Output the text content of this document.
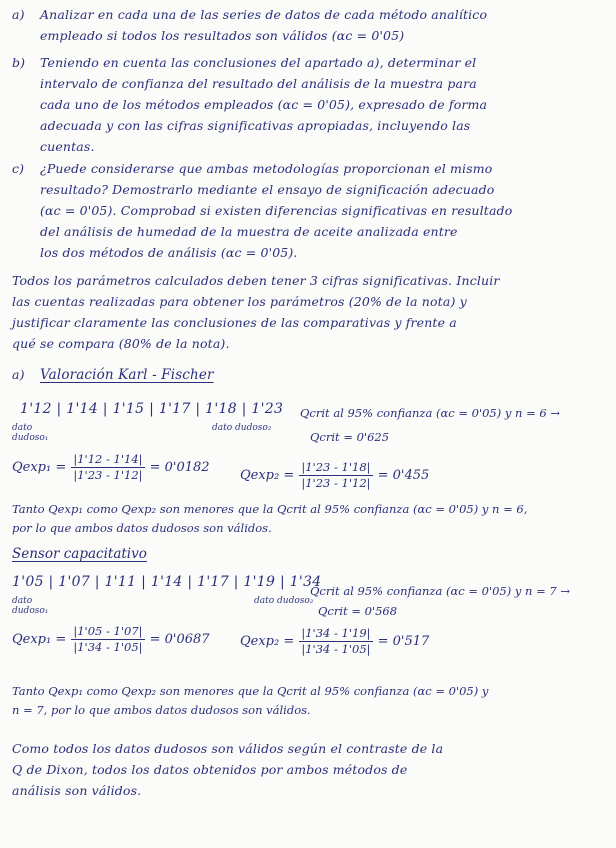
a) Analizar en cada una de las series de datos de cada método analítico
empleado si todos los resultados son válidos (αc = 0'05)
b) Teniendo en cuenta las conclusiones del apartado a), determinar el
intervalo de confianza del resultado del análisis de la muestra para
cada uno de los métodos empleados (αc = 0'05), expresado de forma
adecuada y con las cifras significativas apropiadas, incluyendo las
cuentas.
c) ¿Puede considerarse que ambas metodologías proporcionan el mismo
resultado? Demostrarlo mediante el ensayo de significación adecuado
(αc = 0'05). Comprobad si existen diferencias significativas en resultado
del análisis de humedad de la muestra de aceite analizada entre
los dos métodos de análisis (αc = 0'05).
Todos los parámetros calculados deben tener 3 cifras significativas. Incluir
las cuentas realizadas para obtener los parámetros (20% de la nota) y
justificar claramente las conclusiones de las comparativas y frente a
qué se compara (80% de la nota).
a) Valoración Karl - Fischer
1'12 | 1'14 | 1'15 | 1'17 | 1'18 | 1'23
dato dudoso₁
dato dudoso₂
Qcrit al 95% confianza (αc = 0'05) y n = 6 →
Qcrit = 0'625
$Qexp_1 = \frac{|1'12 - 1'14|}{|1'23 - 1'12|} = 0'0182$
$Qexp_2 = \frac{|1'23 - 1'18|}{|1'23 - 1'12|} = 0'455$
Tanto Qexp₁ como Qexp₂ son menores que la Qcrit al 95% confianza (αc = 0'05) y n = 6,
por lo que ambos datos dudosos son válidos.
Sensor capacitativo
1'05 | 1'07 | 1'11 | 1'14 | 1'17 | 1'19 | 1'34
dato dudoso₁
dato dudoso₂
Qcrit al 95% confianza (αc = 0'05) y n = 7 →
Qcrit = 0'568
$Qexp_1 = \frac{|1'05 - 1'07|}{|1'34 - 1'05|} = 0'0687$ $Qexp_2 = \frac{|1'34 - 1'19|}{|1'34 - 1'05|} = 0'517$
Tanto Qexp₁ como Qexp₂ son menores que la Qcrit al 95% confianza (αc = 0'05) y
n = 7, por lo que ambos datos dudosos son válidos.
Como todos los datos dudosos son válidos según el contraste de la
Q de Dixon, todos los datos obtenidos por ambos métodos de
análisis son válidos.
